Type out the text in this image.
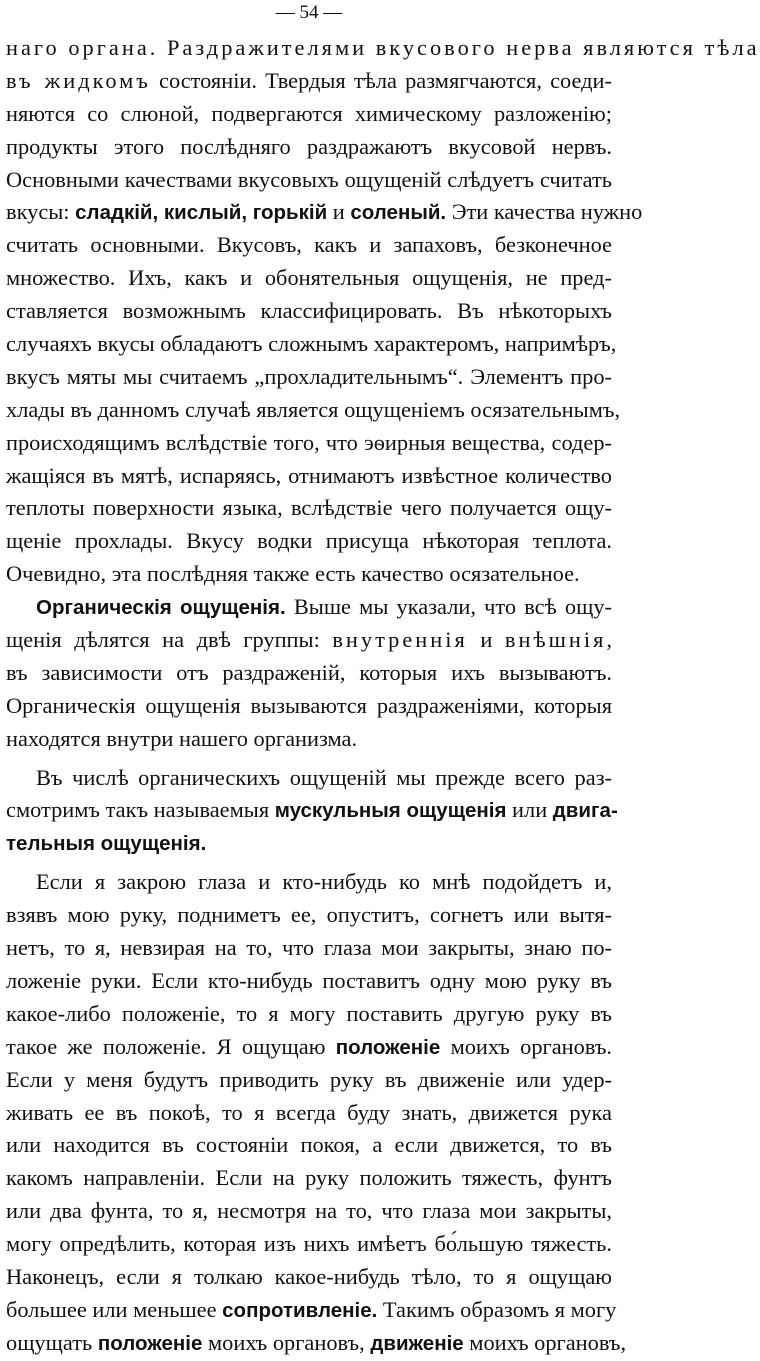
— 54 —
наго органа. Раздражителями вкусового нерва являются тѣла
въ жидкомъ состояніи. Твердыя тѣла размягчаются, соеди-
няются со слюной, подвергаются химическому разложенію;
продукты этого послѣдняго раздражаютъ вкусовой нервъ.
Основными качествами вкусовыхъ ощущеній слѣдуетъ считать
вкусы: сладкій, кислый, горькій и соленый. Эти качества нужно
считать основными. Вкусовъ, какъ и запаховъ, безконечное
множество. Ихъ, какъ и обонятельныя ощущенія, не пред-
ставляется возможнымъ классифицировать. Въ нѣкоторыхъ
случаяхъ вкусы обладаютъ сложнымъ характеромъ, напримѣръ,
вкусъ мяты мы считаемъ „прохладительнымъ“. Элементъ про-
хлады въ данномъ случаѣ является ощущеніемъ осязательнымъ,
происходящимъ вслѣдствіе того, что эѳирныя вещества, содер-
жащіяся въ мятѣ, испаряясь, отнимаютъ извѣстное количество
теплоты поверхности языка, вслѣдствіе чего получается ощу-
щеніе прохлады. Вкусу водки присуща нѣкоторая теплота.
Очевидно, эта послѣдняя также есть качество осязательное.
Органическія ощущенія. Выше мы указали, что всѣ ощу-
щенія дѣлятся на двѣ группы: внутреннія и внѣшнія,
въ зависимости отъ раздраженій, которыя ихъ вызываютъ.
Органическія ощущенія вызываются раздраженіями, которыя
находятся внутри нашего организма.
Въ числѣ органическихъ ощущеній мы прежде всего раз-
смотримъ такъ называемыя мускульныя ощущенія или двига-
тельныя ощущенія.
Если я закрою глаза и кто-нибудь ко мнѣ подойдетъ и,
взявъ мою руку, подниметъ ее, опуститъ, согнетъ или вытя-
нетъ, то я, невзирая на то, что глаза мои закрыты, знаю по-
ложеніе руки. Если кто-нибудь поставитъ одну мою руку въ
какое-либо положеніе, то я могу поставить другую руку въ
такое же положеніе. Я ощущаю положеніе моихъ органовъ.
Если у меня будутъ приводить руку въ движеніе или удер-
живать ее въ покоѣ, то я всегда буду знать, движется рука
или находится въ состояніи покоя, а если движется, то въ
какомъ направленіи. Если на руку положить тяжесть, фунтъ
или два фунта, то я, несмотря на то, что глаза мои закрыты,
могу опредѣлить, которая изъ нихъ имѣетъ бо́льшую тяжесть.
Наконецъ, если я толкаю какое-нибудь тѣло, то я ощущаю
большее или меньшее сопротивленіе. Такимъ образомъ я могу
ощущать положеніе моихъ органовъ, движеніе моихъ органовъ,
